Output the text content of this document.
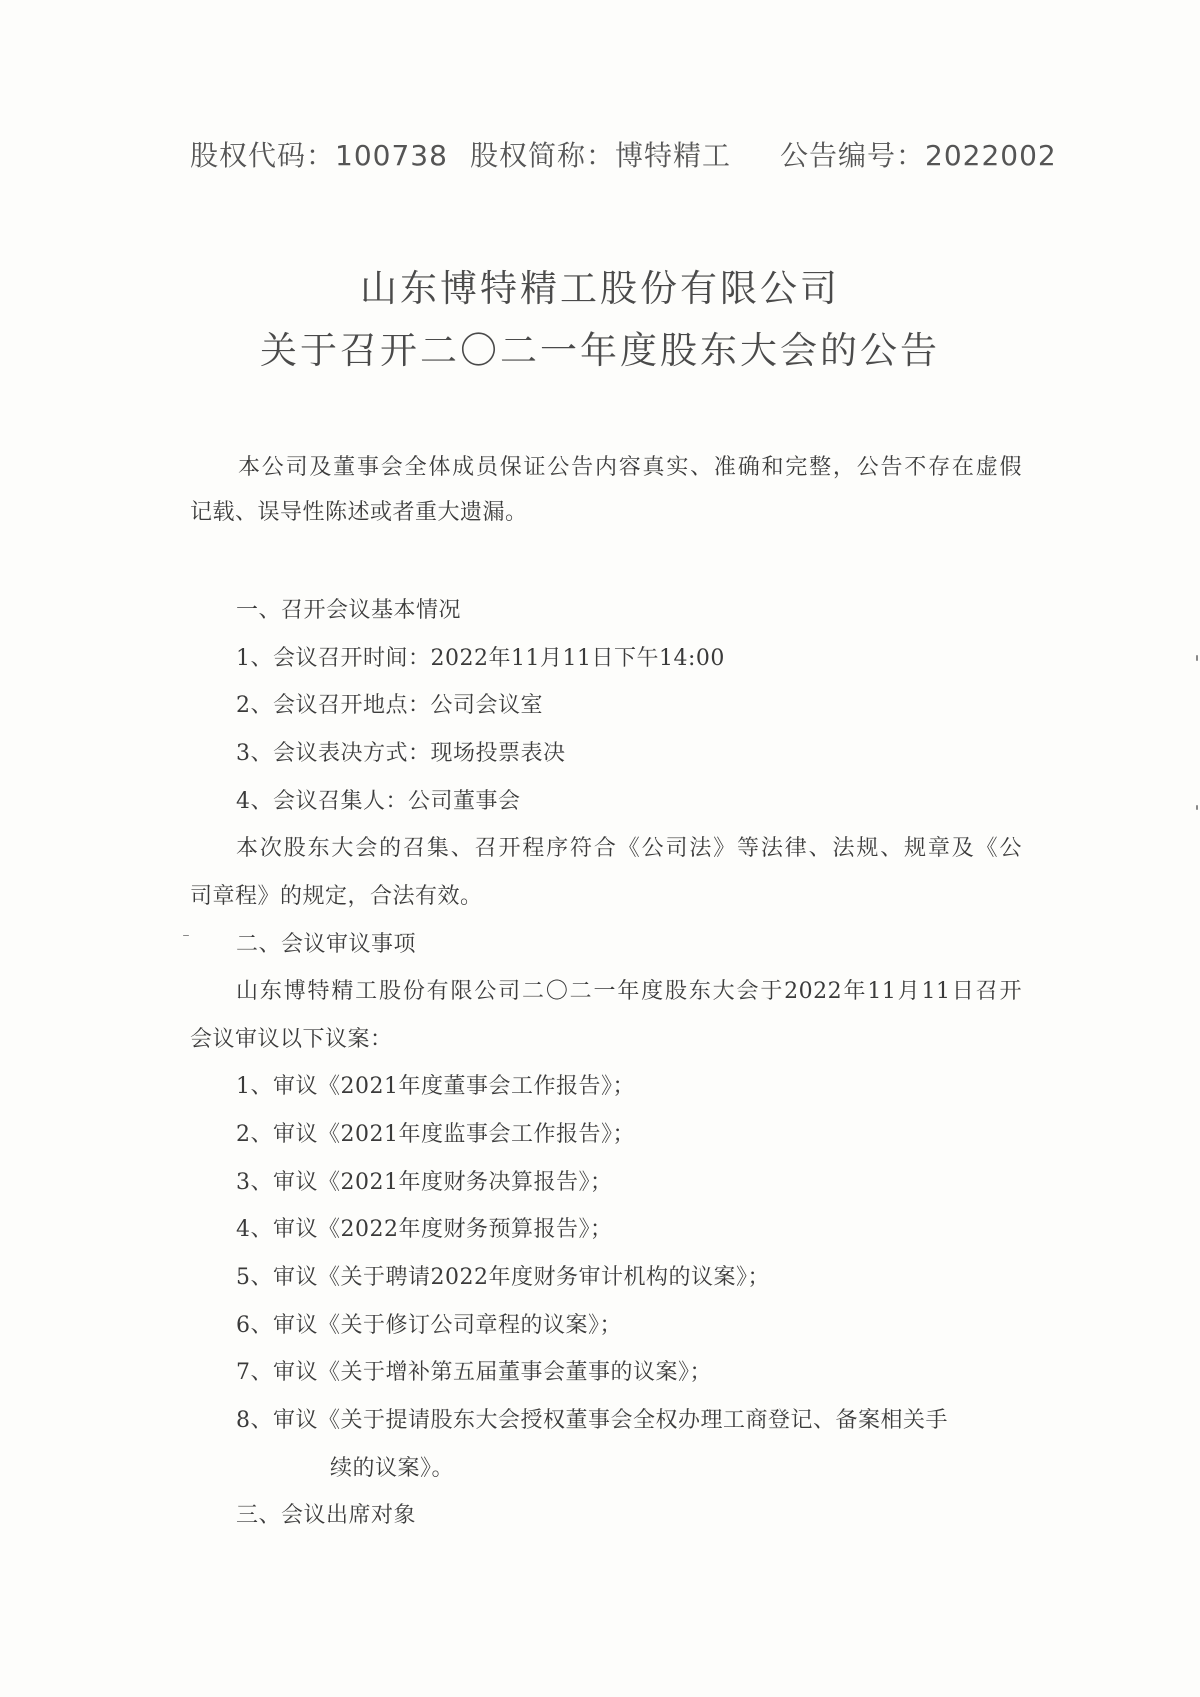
股权代码：100738 股权简称：博特精工 公告编号：2022002
山东博特精工股份有限公司
关于召开二〇二一年度股东大会的公告
本公司及董事会全体成员保证公告内容真实、准确和完整，公告不存在虚假
记载、误导性陈述或者重大遗漏。
一、召开会议基本情况
1、会议召开时间：2022年11月11日下午14:00
2、会议召开地点：公司会议室
3、会议表决方式：现场投票表决
4、会议召集人：公司董事会
本次股东大会的召集、召开程序符合《公司法》等法律、法规、规章及《公
司章程》的规定，合法有效。
二、会议审议事项
山东博特精工股份有限公司二〇二一年度股东大会于2022年11月11日召开
会议审议以下议案：
1、审议《2021年度董事会工作报告》；
2、审议《2021年度监事会工作报告》；
3、审议《2021年度财务决算报告》；
4、审议《2022年度财务预算报告》；
5、审议《关于聘请2022年度财务审计机构的议案》；
6、审议《关于修订公司章程的议案》；
7、审议《关于增补第五届董事会董事的议案》；
8、审议《关于提请股东大会授权董事会全权办理工商登记、备案相关手
续的议案》。
三、会议出席对象
